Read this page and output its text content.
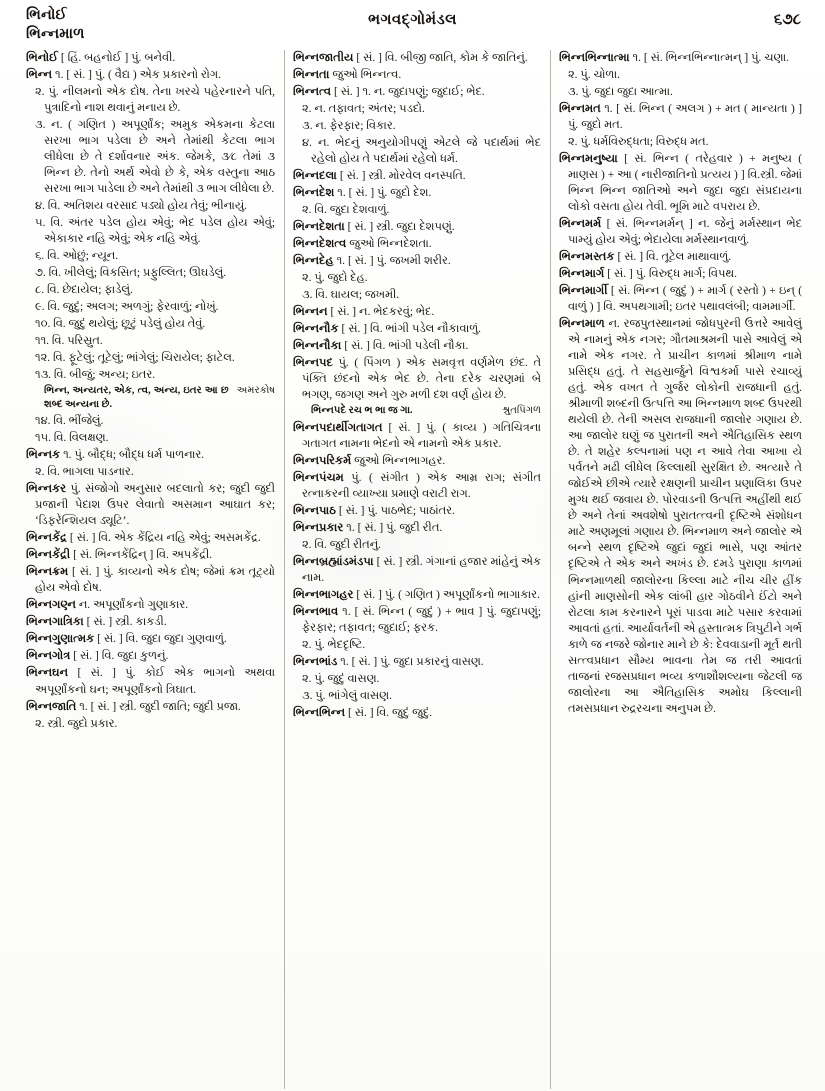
ભિનોઈ
ભિન્નમાળ
ભગવદ્ગોમંડલ	૬૭૮

ભિનોઈ [ હિં. બહનોઈ ] પું. બનેવી.

ભિન્ન ૧. [ સં. ] પું. ( વૈદ્ય ) એક પ્રકારનો રોગ.

૨. પું. નીલમનો એક દોષ. તેના ખરચે પહેરનારને પતિ, પુત્રાદિનો નાશ થવાનું મનાય છે.

૩. ન. ( ગણિત ) અપૂર્ણાંક; અમુક એકમના કેટલા સરખા ભાગ પડેલા છે અને તેમાંથી કેટલા ભાગ લીધેલા છે તે દર્શાવનાર અંક. જેમકે, ૩⁄૮ તેમાં ૩ ભિન્ન છે. તેનો અર્થ એવો છે કે, એક વસ્તુના આઠ સરખા ભાગ પાડેલા છે અને તેમાંથી ૩ ભાગ લીધેલા છે.

૪. વિ. અતિશય વરસાદ પડ્યો હોય તેવું; ભીનાયું.

૫. વિ. અંતર પડેલ હોય એવું; ભેદ પડેલ હોય એવું; એકાકાર નહિ એવું; એક નહિ એવું.

૬. વિ. ઓછું; ન્યૂન.

૭. વિ. ખીલેલું; વિકસિત; પ્રફુલ્લિત; ઊઘડેલું.

૮. વિ. છેદાયેલ; ફાડેલું.

૯. વિ. જુદું; અલગ; અળગું; ફેરવાળું; નોખું.

૧૦. વિ. જુદું થયેલું; છૂટું પડેલું હોય તેવું.

૧૧. વિ. પરિસ્રુત.

૧૨. વિ. ફૂટેલું; તૂટેલું; ભાંગેલું; ચિરાયેલ; ફાટેલ.

૧૩. વિ. બીજું; અન્ય; ઇતર.

અમરકોષ
ભિન્ન, અન્યતર, એક, ત્વ, અન્ય, ઇતર આ છ શબ્દ અન્યના છે.

૧૪. વિ. ભીંજેલું.

૧૫. વિ. વિલક્ષણ.

ભિન્નક ૧. પું. બૌદ્ધ; બૌદ્ધ ધર્મ પાળનાર.

૨. વિ. ભાગલા પાડનાર.

ભિન્નકર પું. સંજોગો અનુસાર બદલાતો કર; જુદી જુદી પ્રજાની પેદાશ ઉપર લેવાતો અસમાન આઘાત કર; ‘ડિફરેન્શિયલ ડ્યૂટિ’.

ભિન્નકેંદ્ર [ સં. ] વિ. એક કેંદ્રિય નહિ એવું; અસમકેંદ્ર.

ભિન્નકેંદ્રી [ સં. ભિન્નકેંદ્રિન્ ] વિ. અપકેંદ્રી.

ભિન્નક્રમ [ સં. ] પું. કાવ્યનો એક દોષ; જેમાં ક્રમ તૂટ્યો હોય એવો દોષ.

ભિન્નગણ્ન ન. અપૂર્ણાંકનો ગુણાકાર.

ભિન્નગાત્રિકા [ સં. ] સ્ત્રી. કાકડી.

ભિન્નગુણાત્મક [ સં. ] વિ. જુદા જુદા ગુણવાળું.

ભિન્નગોત્ર [ સં. ] વિ. જુદા કુળનું.

ભિન્નઘન [ સં. ] પું. કોઈ એક ભાગનો અથવા અપૂર્ણાંકનો ઘન; અપૂર્ણાંકનો ત્રિઘાત.

ભિન્નજાતિ ૧. [ સં. ] સ્ત્રી. જુદી જાતિ; જુદી પ્રજા.

૨. સ્ત્રી. જુદો પ્રકાર.

ભિન્નજાતીય [ સં. ] વિ. બીજી જાતિ, કોમ કે જાતિનું.

ભિન્નતા જુઓ ભિન્નત્વ.

ભિન્નત્વ [ સં. ] ૧. ન. જુદાપણું; જુદાઈ; ભેદ.

૨. ન. તફાવત; અંતર; પડદો.

૩. ન. ફેરફાર; વિકાર.

૪. ન. ભેદનું અનુયોગીપણું એટલે જે પદાર્થમાં ભેદ રહેલો હોય તે પદાર્થમાં રહેલો ધર્મ.

ભિન્નદલા [ સં. ] સ્ત્રી. મોરવેલ વનસ્પતિ.

ભિન્નદેશ ૧. [ સં. ] પું. જુદો દેશ.

૨. વિ. જુદા દેશવાળું.

ભિન્નદેશતા [ સં. ] સ્ત્રી. જુદા દેશપણું.

ભિન્નદેશત્વ જુઓ ભિન્નદેશતા.

ભિન્નદેહ ૧. [ સં. ] પું. જખમી શરીર.

૨. પું. જુદો દેહ.

૩. વિ. ઘાયલ; જખમી.

ભિન્નન [ સં. ] ન. ભેદકરવું; ભેદ.

ભિન્નનૌક [ સં. ] વિ. ભાંગી પડેલ નૌકાવાળું.

ભિન્નનૌકા [ સં. ] વિ. ભાંગી પડેલી નૌકા.

ભિન્નપદ પું. ( પિંગળ ) એક સમવૃત્ત વર્ણમેળ છંદ. તે પંક્તિ છંદનો એક ભેદ છે. તેના દરેક ચરણમાં બે ભગણ, જગણ અને ગુરુ મળી દશ વર્ણ હોય છે.

શ્રુતપિંગળ
ભિન્નપદે રચ ભ ભા જ ગા.

ભિન્નપદાર્થીગતાગત [ સં. ] પું. ( કાવ્ય ) ગતિચિત્રના ગતાગત નામના ભેદનો એ નામનો એક પ્રકાર.

ભિન્નપરિકર્મ જુઓ ભિન્નભાગહર.

ભિન્નપંચમ પું. ( સંગીત ) એક આમ્ર રાગ; સંગીત રત્નાકરની વ્યાખ્યા પ્રમાણે વરાટી રાગ.

ભિન્નપાઠ [ સં. ] પું. પાઠભેદ; પાઠાંતર.

ભિન્નપ્રકાર ૧. [ સં. ] પું. જુદી રીત.

૨. વિ. જુદી રીતનું.

ભિન્નબ્રહ્માંડમંડપા [ સં. ] સ્ત્રી. ગંગાનાં હજાર માંહેનું એક નામ.

ભિન્નભાગહર [ સં. ] પું. ( ગણિત ) અપૂર્ણાંકનો ભાગાકાર.

ભિન્નભાવ ૧. [ સં. ભિન્ન ( જુદું ) + ભાવ ] પું. જુદાપણું; ફેરફાર; તફાવત; જુદાઈ; ફરક.

૨. પું. ભેદદૃષ્ટિ.

ભિન્નભાંડ ૧. [ સં. ] પું. જુદા પ્રકારનું વાસણ.

૨. પું. જુદું વાસણ.

૩. પું. ભાંગેલું વાસણ.

ભિન્નભિન્ન [ સં. ] વિ. જુદું જુદું.

ભિન્નભિન્નાત્મા ૧. [ સં. ભિન્નભિન્નાત્મન્ ] પું. ચણા.

૨. પું. ચોળા.

૩. પું. જુદા જુદા આત્મા.

ભિન્નમત ૧. [ સં. ભિન્ન ( અલગ ) + મત ( માન્યતા ) ] પું. જુદો મત.

૨. પું. ધર્મવિરુદ્ધતા; વિરુદ્ધ મત.

ભિન્નમનુષ્યા [ સં. ભિન્ન ( તરેહવાર ) + મનુષ્ય ( માણસ ) + આ ( નારીજાતિનો પ્રત્યય ) ] વિ.સ્ત્રી. જેમાં ભિન્ન ભિન્ન જાતિઓ અને જુદા જુદા સંપ્રદાયના લોકો વસતા હોય તેવી. ભૂમિ માટે વપરાય છે.

ભિન્નમર્મ [ સં. ભિન્નમર્મન્ ] ન. જેનું મર્મસ્થાન ભેદ પામ્યું હોય એવું; ભેદાયેલા મર્મસ્થાનવાળું.

ભિન્નમસ્તક [ સં. ] વિ. તૂટેલ માથાવાળું.

ભિન્નમાર્ગ [ સં. ] પું. વિરુદ્ધ માર્ગ; વિપથ.

ભિન્નમાર્ગી [ સં. ભિન્ન ( જુદું ) + માર્ગ ( રસ્તો ) + ઇન્ ( વાળું ) ] વિ. અપથગામી; ઇતર પથાવલંબી; વામમાર્ગી.

ભિન્નમાળ ન. રજપુતસ્થાનમાં જોધપુરની ઉત્તરે આવેલું એ નામનું એક નગર; ગૌતમાશ્રમની પાસે આવેલું એ નામે એક નગર. તે પ્રાચીન કાળમાં શ્રીમાળ નામે પ્રસિદ્ધ હતું. તે સહસ્રાર્જુને વિશ્વકર્મા પાસે રચાવ્યું હતું. એક વખત તે ગુર્જર લોકોની રાજધાની હતું. શ્રીમાળી શબ્દની ઉત્પત્તિ આ ભિન્નમાળ શબ્દ ઉપરથી થયેલી છે. તેની અસલ રાજધાની જાલોર ગણાય છે. આ જાલોર ઘણું જ પુરાતની અને ઐતિહાસિક સ્થળ છે. તે શહેર કલ્પનામાં પણ ન આવે તેવા આખા યે પર્વતને મઢી લીધેલ કિલ્લાથી સુરક્ષિત છે. અત્યારે તે જોઈએ છીએ ત્યારે રક્ષણની પ્રાચીન પ્રણાલિકા ઉપર મુગ્ધ થઈ જવાય છે. પોરવાડની ઉત્પત્તિ અહીંથી થઈ છે અને તેનાં અવશેષો પુરાતત્ત્વની દૃષ્ટિએ સંશોધન માટે અણમૂલાં ગણાય છે. ભિન્નમાળ અને જાલોર એ બન્ને સ્થળ દૃષ્ટિએ જુદાં જુદાં ભાસે, પણ આંતર દૃષ્ટિએ તે એક અને અખંડ છે. દમડે પુરાણા કાળમાં ભિન્નમાળથી જાલોરના કિલ્લા માટે નીચ ચીર હીંક હાંની માણસોની એક લાંબી હાર ગોઠવીને ઈંટો અને રોટલા કામ કરનારને પૂરાં પાડવા માટે પસાર કરવામાં આવતાં હતાં. આર્યાવર્તની એ હસ્તાત્મક ત્રિપુટીને ગર્ભ કાળે જ નજરે જોનાર માને છે કે: દેવવાડાની મૂર્ત થતી સત્ત્વપ્રધાન સૌમ્ય ભાવના તેમ જ તરી આવતાં તાજનાં રજસપ્રધાન ભવ્ય કળાશૌશલ્યના જેટલી જ જાલોરના આ ઐતિહાસિક અમોઘ કિલ્લાની તમસપ્રધાન રુદ્રરચના અનુપમ છે.
